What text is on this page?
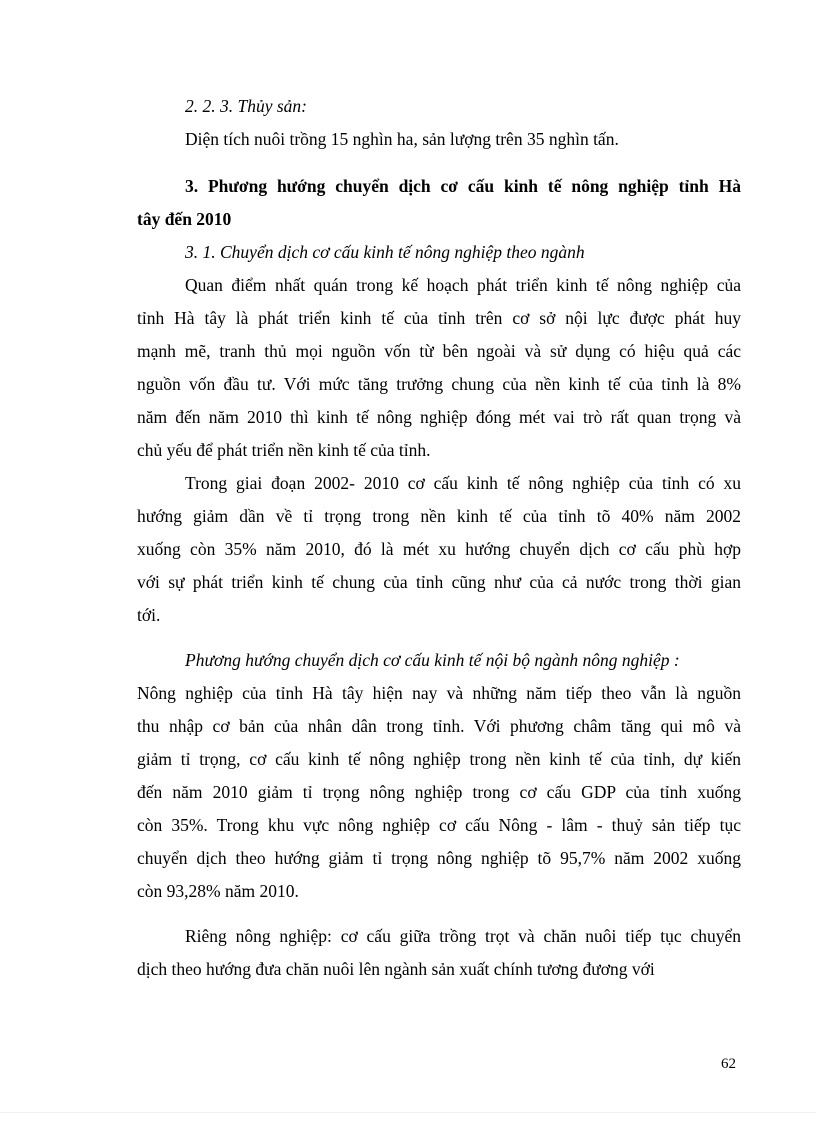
2. 2. 3. Thủy sản:
Diện tích nuôi trồng 15 nghìn ha, sản lượng trên 35 nghìn tấn.
3. Phương hướng chuyển dịch cơ cấu kinh tế nông nghiệp tỉnh Hà
tây đến 2010
3. 1. Chuyển dịch cơ cấu kinh tế nông nghiệp theo ngành
Quan điểm nhất quán trong kế hoạch phát triển kinh tế nông nghiệp của
tỉnh Hà tây là phát triển kinh tế của tỉnh trên cơ sở nội lực được phát huy
mạnh mẽ, tranh thủ mọi nguồn vốn từ bên ngoài và sử dụng có hiệu quả các
nguồn vốn đầu tư. Với mức tăng trưởng chung của nền kinh tế của tỉnh là 8%
năm đến năm 2010 thì kinh tế nông nghiệp đóng mét vai trò rất quan trọng và
chủ yếu để phát triển nền kinh tế của tỉnh.
Trong giai đoạn 2002- 2010 cơ cấu kinh tế nông nghiệp của tỉnh có xu
hướng giảm dần về tỉ trọng trong nền kinh tế của tỉnh tõ 40% năm 2002
xuống còn 35% năm 2010, đó là mét xu hướng chuyển dịch cơ cấu phù hợp
với sự phát triển kinh tế chung của tỉnh cũng như của cả nước trong thời gian
tới.
Phương hướng chuyển dịch cơ cấu kinh tế nội bộ ngành nông nghiệp :
Nông nghiệp của tỉnh Hà tây hiện nay và những năm tiếp theo vẫn là nguồn
thu nhập cơ bản của nhân dân trong tỉnh. Với phương châm tăng qui mô và
giảm tỉ trọng, cơ cấu kinh tế nông nghiệp trong nền kinh tế của tỉnh, dự kiến
đến năm 2010 giảm tỉ trọng nông nghiệp trong cơ cấu GDP của tỉnh xuống
còn 35%. Trong khu vực nông nghiệp cơ cấu Nông - lâm - thuỷ sản tiếp tục
chuyển dịch theo hướng giảm tỉ trọng nông nghiệp tõ 95,7% năm 2002 xuống
còn 93,28% năm 2010.
Riêng nông nghiệp: cơ cấu giữa trồng trọt và chăn nuôi tiếp tục chuyển
dịch theo hướng đưa chăn nuôi lên ngành sản xuất chính tương đương với
62
